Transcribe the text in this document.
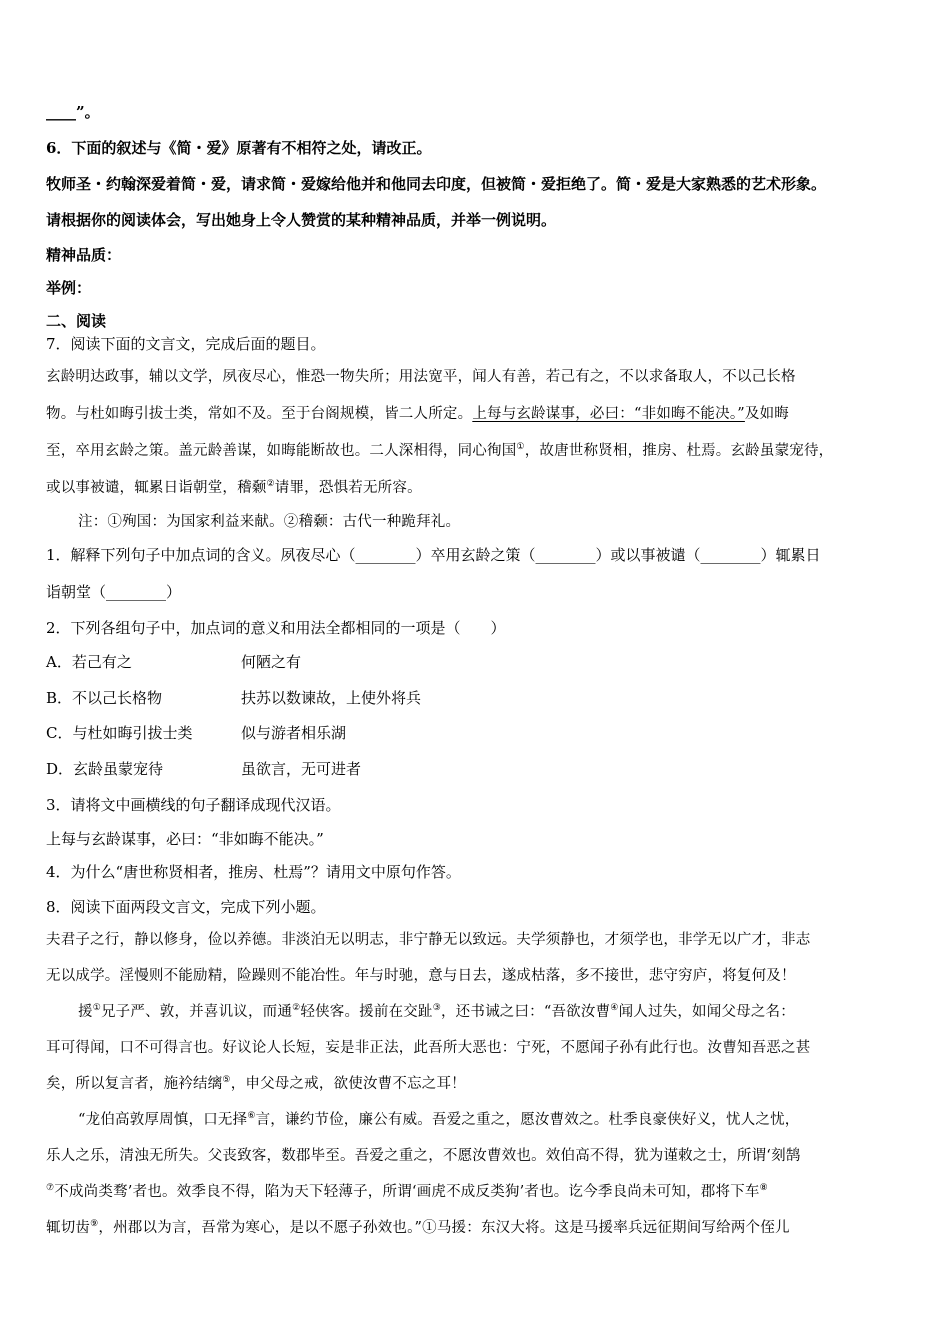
____”。
6．下面的叙述与《简・爱》原著有不相符之处，请改正。
牧师圣・约翰深爱着简・爱，请求简・爱嫁给他并和他同去印度，但被简・爱拒绝了。简・爱是大家熟悉的艺术形象。
请根据你的阅读体会，写出她身上令人赞赏的某种精神品质，并举一例说明。
精神品质：
举例：
二、阅读
7．阅读下面的文言文，完成后面的题目。
玄龄明达政事，辅以文学，夙夜尽心，惟恐一物失所；用法宽平，闻人有善，若己有之，不以求备取人，不以己长格
物。与杜如晦引拔士类，常如不及。至于台阁规模，皆二人所定。上每与玄龄谋事，必曰：“非如晦不能决。”及如晦
至，卒用玄龄之策。盖元龄善谋，如晦能断故也。二人深相得，同心徇国①，故唐世称贤相，推房、杜焉。玄龄虽蒙宠待，
或以事被谴，辄累日诣朝堂，稽颡②请罪，恐惧若无所容。
注：①殉国：为国家利益来献。②稽颡：古代一种跪拜礼。
1．解释下列句子中加点词的含义。夙夜尽心（________）卒用玄龄之策（________）或以事被谴（________）辄累日
诣朝堂（________）
2．下列各组句子中，加点词的意义和用法全都相同的一项是（　　）
A．若己有之	何陋之有
B．不以己长格物	扶苏以数谏故，上使外将兵
C．与杜如晦引拔士类	似与游者相乐湖
D．玄龄虽蒙宠待	虽欲言，无可进者
3．请将文中画横线的句子翻译成现代汉语。
上每与玄龄谋事，必曰：“非如晦不能决。”
4．为什么“唐世称贤相者，推房、杜焉”？请用文中原句作答。
8．阅读下面两段文言文，完成下列小题。
夫君子之行，静以修身，俭以养德。非淡泊无以明志，非宁静无以致远。夫学须静也，才须学也，非学无以广才，非志
无以成学。淫慢则不能励精，险躁则不能冶性。年与时驰，意与日去，遂成枯落，多不接世，悲守穷庐，将复何及！
援①兄子严、敦，并喜讥议，而通②轻侠客。援前在交趾③，还书诫之曰：“吾欲汝曹④闻人过失，如闻父母之名：
耳可得闻，口不可得言也。好议论人长短，妄是非正法，此吾所大恶也：宁死，不愿闻子孙有此行也。汝曹知吾恶之甚
矣，所以复言者，施衿结缡⑤，申父母之戒，欲使汝曹不忘之耳！
“龙伯高敦厚周慎，口无择⑥言，谦约节俭，廉公有威。吾爱之重之，愿汝曹效之。杜季良豪侠好义，忧人之忧，
乐人之乐，清浊无所失。父丧致客，数郡毕至。吾爱之重之，不愿汝曹效也。效伯高不得，犹为谨敕之士，所谓‘刻鹄
⑦不成尚类骛’者也。效季良不得，陷为天下轻薄子，所谓‘画虎不成反类狗’者也。讫今季良尚未可知，郡将下车⑧
辄切齿⑨，州郡以为言，吾常为寒心，是以不愿子孙效也。”①马援：东汉大将。这是马援率兵远征期间写给两个侄儿
